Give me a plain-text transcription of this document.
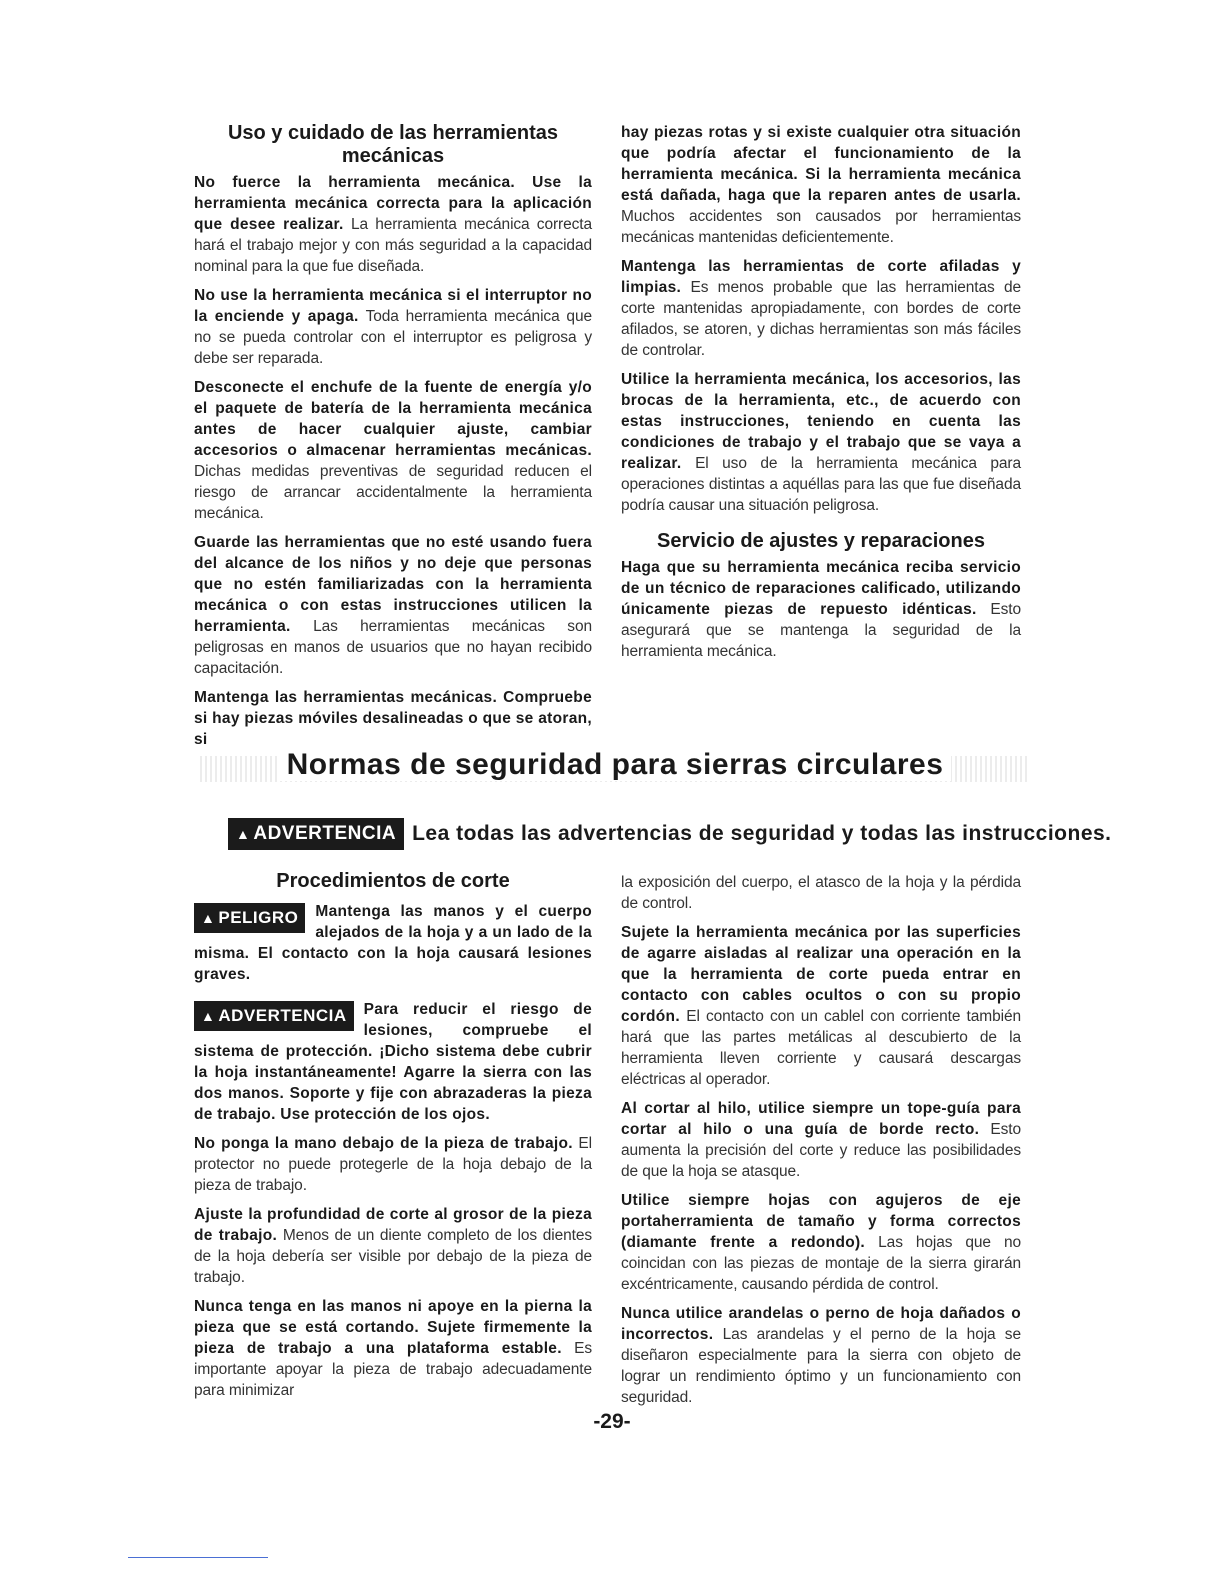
Uso y cuidado de las herramientas mecánicas

No fuerce la herramienta mecánica. Use la herramienta mecánica correcta para la aplicación que desee realizar. La herramienta mecánica correcta hará el trabajo mejor y con más seguridad a la capacidad nominal para la que fue diseñada.

No use la herramienta mecánica si el interruptor no la enciende y apaga. Toda herramienta mecánica que no se pueda controlar con el interruptor es peligrosa y debe ser reparada.

Desconecte el enchufe de la fuente de energía y/o el paquete de batería de la herramienta mecánica antes de hacer cualquier ajuste, cambiar accesorios o almacenar herramientas mecánicas. Dichas medidas preventivas de seguridad reducen el riesgo de arrancar accidentalmente la herramienta mecánica.

Guarde las herramientas que no esté usando fuera del alcance de los niños y no deje que personas que no estén familiarizadas con la herramienta mecánica o con estas instrucciones utilicen la herramienta. Las herramientas mecánicas son peligrosas en manos de usuarios que no hayan recibido capacitación.

Mantenga las herramientas mecánicas. Compruebe si hay piezas móviles desalineadas o que se atoran, si

hay piezas rotas y si existe cualquier otra situación que podría afectar el funcionamiento de la herramienta mecánica. Si la herramienta mecánica está dañada, haga que la reparen antes de usarla. Muchos accidentes son causados por herramientas mecánicas mantenidas deficientemente.

Mantenga las herramientas de corte afiladas y limpias. Es menos probable que las herramientas de corte mantenidas apropiadamente, con bordes de corte afilados, se atoren, y dichas herramientas son más fáciles de controlar.

Utilice la herramienta mecánica, los accesorios, las brocas de la herramienta, etc., de acuerdo con estas instrucciones, teniendo en cuenta las condiciones de trabajo y el trabajo que se vaya a realizar. El uso de la herramienta mecánica para operaciones distintas a aquéllas para las que fue diseñada podría causar una situación peligrosa.

Servicio de ajustes y reparaciones

Haga que su herramienta mecánica reciba servicio de un técnico de reparaciones calificado, utilizando únicamente piezas de repuesto idénticas. Esto asegurará que se mantenga la seguridad de la herramienta mecánica.

Normas de seguridad para sierras circulares
▲ ADVERTENCIA Lea todas las advertencias de seguridad y todas las instrucciones.
Procedimientos de corte

▲ PELIGRO	Mantenga las manos y el cuerpo alejados de la hoja y a un lado de la misma. El contacto con la hoja causará lesiones graves.

▲ ADVERTENCIA	Para reducir el riesgo de lesiones, compruebe el sistema de protección. ¡Dicho sistema debe cubrir la hoja instantáneamente! Agarre la sierra con las dos manos. Soporte y fije con abrazaderas la pieza de trabajo. Use protección de los ojos.

No ponga la mano debajo de la pieza de trabajo. El protector no puede protegerle de la hoja debajo de la pieza de trabajo.

Ajuste la profundidad de corte al grosor de la pieza de trabajo. Menos de un diente completo de los dientes de la hoja debería ser visible por debajo de la pieza de trabajo.

Nunca tenga en las manos ni apoye en la pierna la pieza que se está cortando. Sujete firmemente la pieza de trabajo a una plataforma estable. Es importante apoyar la pieza de trabajo adecuadamente para minimizar

la exposición del cuerpo, el atasco de la hoja y la pérdida de control.

Sujete la herramienta mecánica por las superficies de agarre aisladas al realizar una operación en la que la herramienta de corte pueda entrar en contacto con cables ocultos o con su propio cordón. El contacto con un cablel con corriente también hará que las partes metálicas al descubierto de la herramienta lleven corriente y causará descargas eléctricas al operador.

Al cortar al hilo, utilice siempre un tope-guía para cortar al hilo o una guía de borde recto. Esto aumenta la precisión del corte y reduce las posibilidades de que la hoja se atasque.

Utilice siempre hojas con agujeros de eje portaherramienta de tamaño y forma correctos (diamante frente a redondo). Las hojas que no coincidan con las piezas de montaje de la sierra girarán excéntricamente, causando pérdida de control.

Nunca utilice arandelas o perno de hoja dañados o incorrectos. Las arandelas y el perno de la hoja se diseñaron especialmente para la sierra con objeto de lograr un rendimiento óptimo y un funcionamiento con seguridad.

-29-
